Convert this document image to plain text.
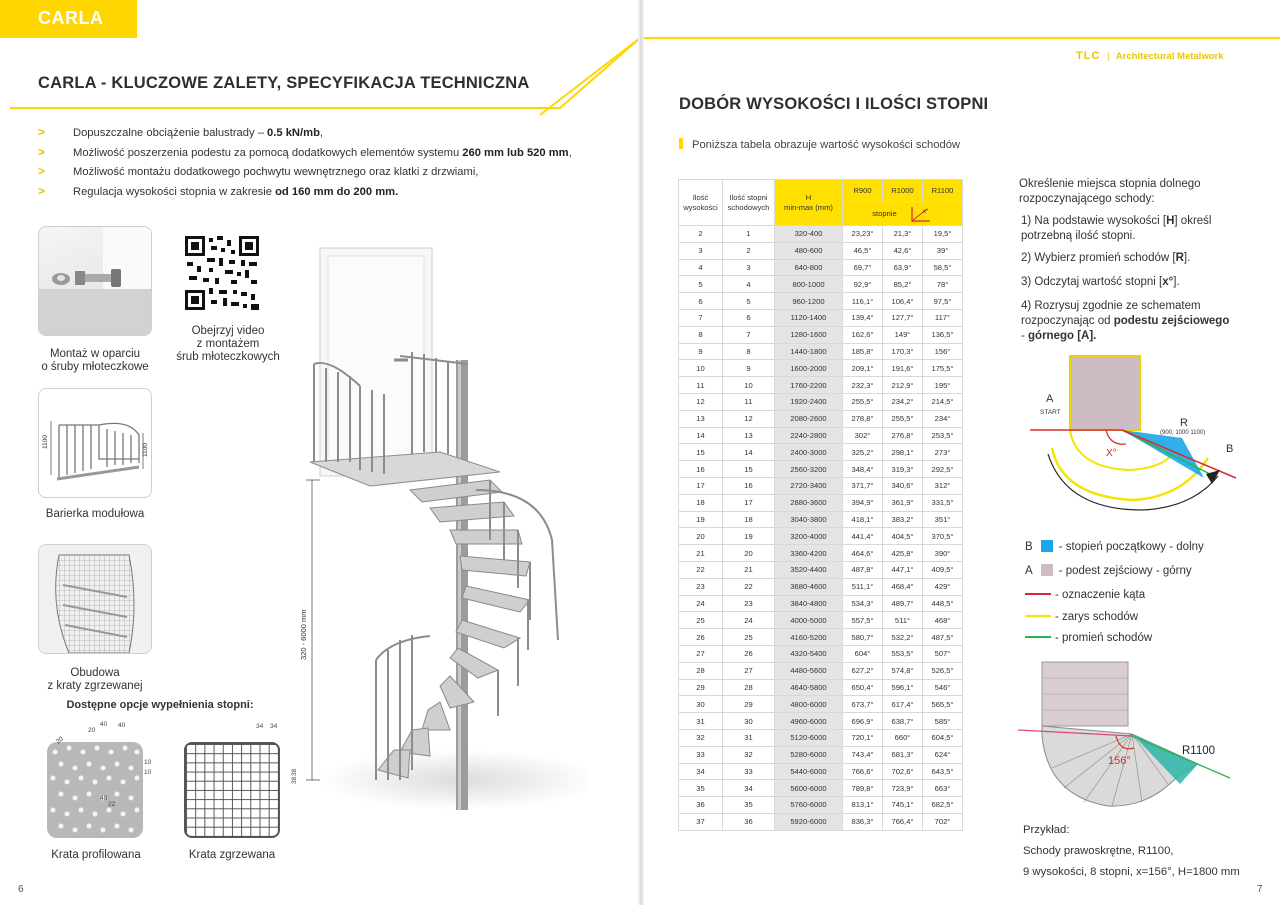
CARLA
CARLA - KLUCZOWE ZALETY, SPECYFIKACJA TECHNICZNA
> Dopuszczalne obciążenie balustrady – 0.5 kN/mb,
> Możliwość poszerzenia podestu za pomocą dodatkowych elementów systemu 260 mm lub 520 mm,
> Możliwość montażu dodatkowego pochwytu wewnętrznego oraz klatki z drzwiami,
> Regulacja wysokości stopnia w zakresie od 160 mm do 200 mm.
Montaż w oparciu
o śruby młoteczkowe
Obejrzyj video
z montażem
śrub młoteczkowych
1100
1100
Barierka modułowa
Obudowa
z kraty zgrzewanej
Dostępne opcje wypełnienia stopni:
20
20
40 40
10
10
40
22
Krata profilowana
34 34
38
38
Krata zgrzewana
320 - 6000 mm
6
TLC | Architectural Metalwork
DOBÓR WYSOKOŚCI I ILOŚCI STOPNI
Poniższa tabela obrazuje wartość wysokości schodów
Ilość
wysokości	Ilość stopni
schodowych	H
min-max (mm)	R900	R1000	R1100
			stopnie x°		

2	1	320-400	23,23°	21,3°	19,5°
3	2	480-600	46,5°	42,6°	39°
4	3	640-800	69,7°	63,9°	58,5°
5	4	800-1000	92,9°	85,2°	78°
6	5	960-1200	116,1°	106,4°	97,5°
7	6	1120-1400	139,4°	127,7°	117°
8	7	1280-1600	162,6°	149°	136,5°
9	8	1440-1800	185,8°	170,3°	156°
10	9	1600-2000	209,1°	191,6°	175,5°
11	10	1760-2200	232,3°	212,9°	195°
12	11	1920-2400	255,5°	234,2°	214,5°
13	12	2080-2600	278,8°	255,5°	234°
14	13	2240-2800	302°	276,8°	253,5°
15	14	2400-3000	325,2°	298,1°	273°
16	15	2560-3200	348,4°	319,3°	292,5°
17	16	2720-3400	371,7°	340,6°	312°
18	17	2880-3600	394,9°	361,9°	331,5°
19	18	3040-3800	418,1°	383,2°	351°
20	19	3200-4000	441,4°	404,5°	370,5°
21	20	3360-4200	464,6°	425,8°	390°
22	21	3520-4400	487,8°	447,1°	409,5°
23	22	3680-4600	511,1°	468,4°	429°
24	23	3840-4800	534,3°	489,7°	448,5°
25	24	4000-5000	557,5°	511°	468°
26	25	4160-5200	580,7°	532,2°	487,5°
27	26	4320-5400	604°	553,5°	507°
28	27	4480-5600	627,2°	574,8°	526,5°
29	28	4640-5800	650,4°	596,1°	546°
30	29	4800-6000	673,7°	617,4°	565,5°
31	30	4960-6000	696,9°	638,7°	585°
32	31	5120-6000	720,1°	660°	604,5°
33	32	5280-6000	743,4°	681,3°	624°
34	33	5440-6000	766,6°	702,6°	643,5°
35	34	5600-6000	789,8°	723,9°	663°
36	35	5760-6000	813,1°	745,1°	682,5°
37	36	5920-6000	836,3°	766,4°	702°
Określenie miejsca stopnia dolnego
rozpoczynającego schody:
1) Na podstawie wysokości [H] określ
potrzebną ilość stopni.
2) Wybierz promień schodów [R].
3) Odczytaj wartość stopni [x°].
4) Rozrysuj zgodnie ze schematem
rozpoczynając od podestu zejściowego
- górnego [A].
A
START
R
(900, 1000 1100)
B
X°
B - stopień początkowy - dolny
A - podest zejściowy - górny
- oznaczenie kąta
- zarys schodów
- promień schodów
156°
R1100
Przykład:
Schody prawoskrętne, R1100,
9 wysokości, 8 stopni, x=156°, H=1800 mm
7
